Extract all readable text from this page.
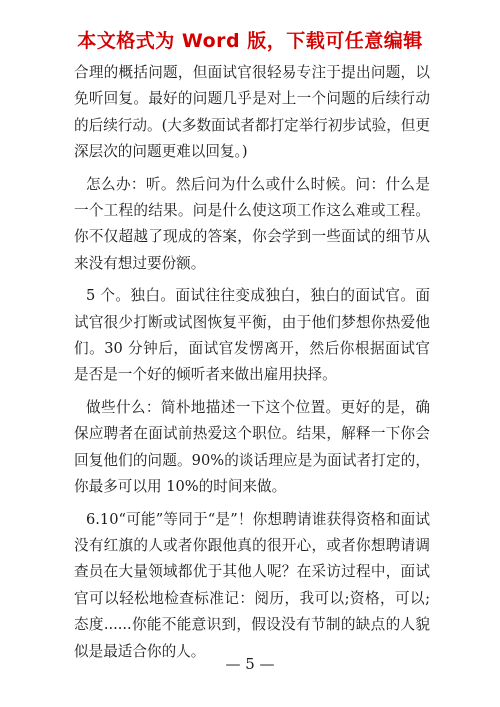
本文格式为 Word 版，下载可任意编辑

合理的概括问题，但面试官很轻易专注于提出问题，以免听回复。最好的问题几乎是对上一个问题的后续行动的后续行动。(大多数面试者都打定举行初步试验，但更深层次的问题更难以回复。)

怎么办：听。然后问为什么或什么时候。问：什么是一个工程的结果。问是什么使这项工作这么难或工程。你不仅超越了现成的答案，你会学到一些面试的细节从来没有想过要份额。

5 个。独白。面试往往变成独白，独白的面试官。面试官很少打断或试图恢复平衡，由于他们梦想你热爱他们。30 分钟后，面试官发愣离开，然后你根据面试官是否是一个好的倾听者来做出雇用抉择。

做些什么：简朴地描述一下这个位置。更好的是，确保应聘者在面试前热爱这个职位。结果，解释一下你会回复他们的问题。90%的谈话理应是为面试者打定的，你最多可以用 10%的时间来做。

6.10“可能”等同于“是”！你想聘请谁获得资格和面试没有红旗的人或者你跟他真的很开心，或者你想聘请调查员在大量领域都优于其他人呢？在采访过程中，面试官可以轻松地检查标准记：阅历，我可以;资格，可以;态度......你能不能意识到，假设没有节制的缺点的人貌似是最适合你的人。

— 5 —
